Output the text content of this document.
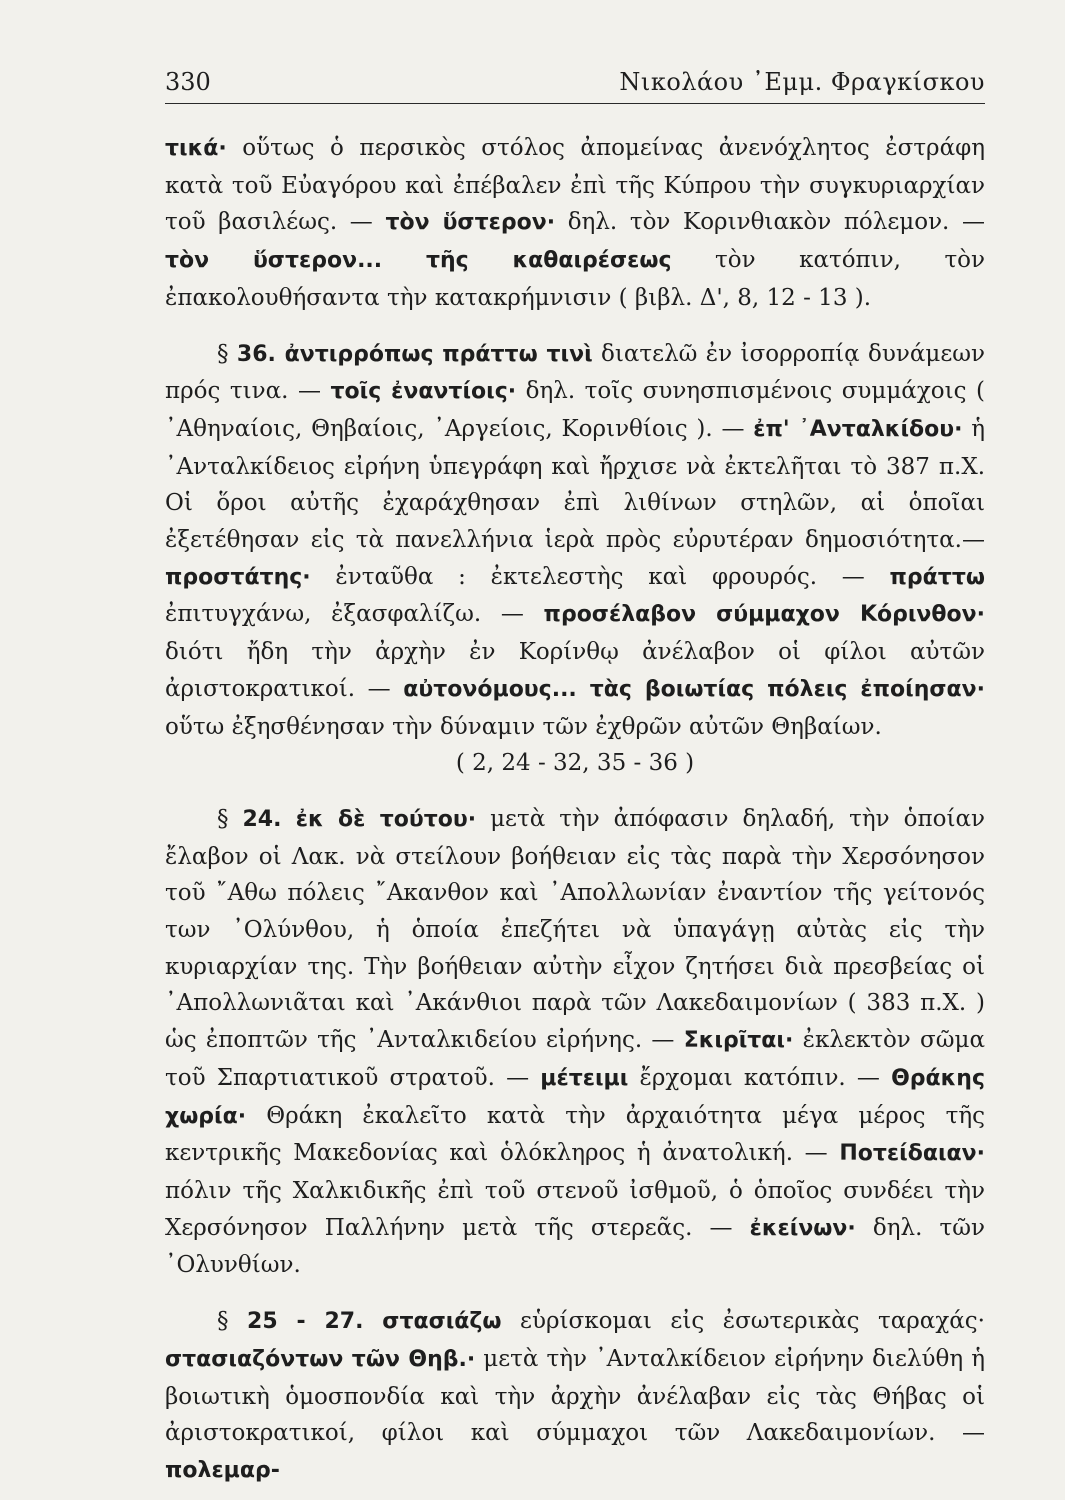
330	Νικολάου ᾿Εμμ. Φραγκίσκου

τικά· οὕτως ὁ περσικὸς στόλος ἀπομείνας ἀνενόχλητος ἐστράφη κατὰ τοῦ Εὐαγόρου καὶ ἐπέβαλεν ἐπὶ τῆς Κύπρου τὴν συγκυριαρχίαν τοῦ βασιλέως. — τὸν ὕστερον· δηλ. τὸν Κορινθιακὸν πόλεμον. — τὸν ὕστερον... τῆς καθαιρέσεως τὸν κατόπιν, τὸν ἐπακολουθήσαντα τὴν κατακρήμνισιν ( βιβλ. Δ', 8, 12 - 13 ).

§ 36. ἀντιρρόπως πράττω τινὶ διατελῶ ἐν ἰσορροπίᾳ δυνάμεων πρός τινα. — τοῖς ἐναντίοις· δηλ. τοῖς συνησπισμένοις συμμάχοις ( ᾿Αθηναίοις, Θηβαίοις, ᾿Αργείοις, Κορινθίοις ). — ἐπ' ᾿Ανταλκίδου· ἡ ᾿Ανταλκίδειος εἰρήνη ὑπεγράφη καὶ ἤρχισε νὰ ἐκτελῆται τὸ 387 π.Χ. Οἱ ὅροι αὐτῆς ἐχαράχθησαν ἐπὶ λιθίνων στηλῶν, αἱ ὁποῖαι ἐξετέθησαν εἰς τὰ πανελλήνια ἱερὰ πρὸς εὐρυτέραν δημοσιότητα.— προστάτης· ἐνταῦθα : ἐκτελεστὴς καὶ φρουρός. — πράττω ἐπιτυγχάνω, ἐξασφαλίζω. — προσέλαβον σύμμαχον Κόρινθον· διότι ἤδη τὴν ἀρχὴν ἐν Κορίνθῳ ἀνέλαβον οἱ φίλοι αὐτῶν ἀριστοκρατικοί. — αὐτονόμους... τὰς βοιωτίας πόλεις ἐποίησαν· οὕτω ἐξησθένησαν τὴν δύναμιν τῶν ἐχθρῶν αὐτῶν Θηβαίων.

( 2, 24 - 32, 35 - 36 )

§ 24. ἐκ δὲ τούτου· μετὰ τὴν ἀπόφασιν δηλαδή, τὴν ὁποίαν ἔλαβον οἱ Λακ. νὰ στείλουν βοήθειαν εἰς τὰς παρὰ τὴν Χερσόνησον τοῦ ῎Αθω πόλεις ῎Ακανθον καὶ ᾿Απολλωνίαν ἐναντίον τῆς γείτονός των ᾿Ολύνθου, ἡ ὁποία ἐπεζήτει νὰ ὑπαγάγῃ αὐτὰς εἰς τὴν κυριαρχίαν της. Τὴν βοήθειαν αὐτὴν εἶχον ζητήσει διὰ πρεσβείας οἱ ᾿Απολλωνιᾶται καὶ ᾿Ακάνθιοι παρὰ τῶν Λακεδαιμονίων ( 383 π.Χ. ) ὡς ἐποπτῶν τῆς ᾿Ανταλκιδείου εἰρήνης. — Σκιρῖται· ἐκλεκτὸν σῶμα τοῦ Σπαρτιατικοῦ στρατοῦ. — μέτειμι ἔρχομαι κατόπιν. — Θράκης χωρία· Θράκη ἐκαλεῖτο κατὰ τὴν ἀρχαιότητα μέγα μέρος τῆς κεντρικῆς Μακεδονίας καὶ ὁλόκληρος ἡ ἀνατολική. — Ποτείδαιαν· πόλιν τῆς Χαλκιδικῆς ἐπὶ τοῦ στενοῦ ἰσθμοῦ, ὁ ὁποῖος συνδέει τὴν Χερσόνησον Παλλήνην μετὰ τῆς στερεᾶς. — ἐκείνων· δηλ. τῶν ᾿Ολυνθίων.

§ 25 - 27. στασιάζω εὑρίσκομαι εἰς ἐσωτερικὰς ταραχάς· στασιαζόντων τῶν Θηβ.· μετὰ τὴν ᾿Ανταλκίδειον εἰρήνην διελύθη ἡ βοιωτικὴ ὁμοσπονδία καὶ τὴν ἀρχὴν ἀνέλαβαν εἰς τὰς Θήβας οἱ ἀριστοκρατικοί, φίλοι καὶ σύμμαχοι τῶν Λακεδαιμονίων. — πολεμαρ-
